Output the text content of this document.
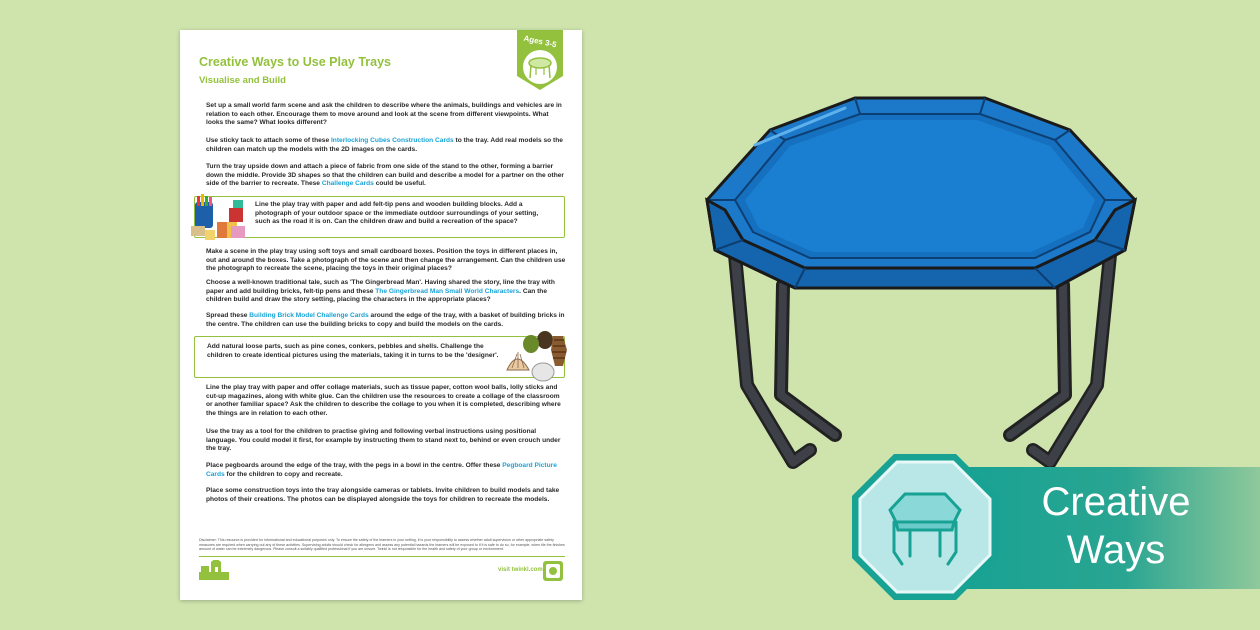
Creative Ways to Use Play Trays
Visualise and Build
Ages 3-5
Set up a small world farm scene and ask the children to describe where the animals, buildings and vehicles are in relation to each other. Encourage them to move around and look at the scene from different viewpoints. What looks the same? What looks different?
Use sticky tack to attach some of these Interlocking Cubes Construction Cards to the tray. Add real models so the children can match up the models with the 2D images on the cards.
Turn the tray upside down and attach a piece of fabric from one side of the stand to the other, forming a barrier down the middle. Provide 3D shapes so that the children can build and describe a model for a partner on the other side of the barrier to recreate. These Challenge Cards could be useful.
Line the play tray with paper and add felt-tip pens and wooden building blocks. Add a photograph of your outdoor space or the immediate outdoor surroundings of your setting, such as the road it is on. Can the children draw and build a recreation of the space?
Make a scene in the play tray using soft toys and small cardboard boxes. Position the toys in different places in, out and around the boxes. Take a photograph of the scene and then change the arrangement. Can the children use the photograph to recreate the scene, placing the toys in their original places?
Choose a well-known traditional tale, such as 'The Gingerbread Man'. Having shared the story, line the tray with paper and add building bricks, felt-tip pens and these The Gingerbread Man Small World Characters. Can the children build and draw the story setting, placing the characters in the appropriate places?
Spread these Building Brick Model Challenge Cards around the edge of the tray, with a basket of building bricks in the centre. The children can use the building bricks to copy and build the models on the cards.
Add natural loose parts, such as pine cones, conkers, pebbles and shells. Challenge the children to create identical pictures using the materials, taking it in turns to be the 'designer'.
Line the play tray with paper and offer collage materials, such as tissue paper, cotton wool balls, lolly sticks and cut-up magazines, along with white glue. Can the children use the resources to create a collage of the classroom or another familiar space? Ask the children to describe the collage to you when it is completed, describing where the things are in relation to each other.
Use the tray as a tool for the children to practise giving and following verbal instructions using positional language. You could model it first, for example by instructing them to stand next to, behind or even crouch under the tray.
Place pegboards around the edge of the tray, with the pegs in a bowl in the centre. Offer these Pegboard Picture Cards for the children to copy and recreate.
Place some construction toys into the tray alongside cameras or tablets. Invite children to build models and take photos of their creations. The photos can be displayed alongside the toys for children to recreate the models.
Disclaimer: This resource is provided for informational and educational purposes only. To ensure the safety of the learners in your setting, it is your responsibility to assess whether adult supervision or other appropriate safety measures are required when carrying out any of these activities. Supervising adults should check for allergens and assess any potential hazards the learners will be exposed to if it is safe to do so, for example, when tile the finishes amount of water can be extremely dangerous. Please consult a suitably qualified professional if you are unsure. Twinkl is not responsible for the health and safety of your group or environment.
visit twinkl.com
Creative
Ways
